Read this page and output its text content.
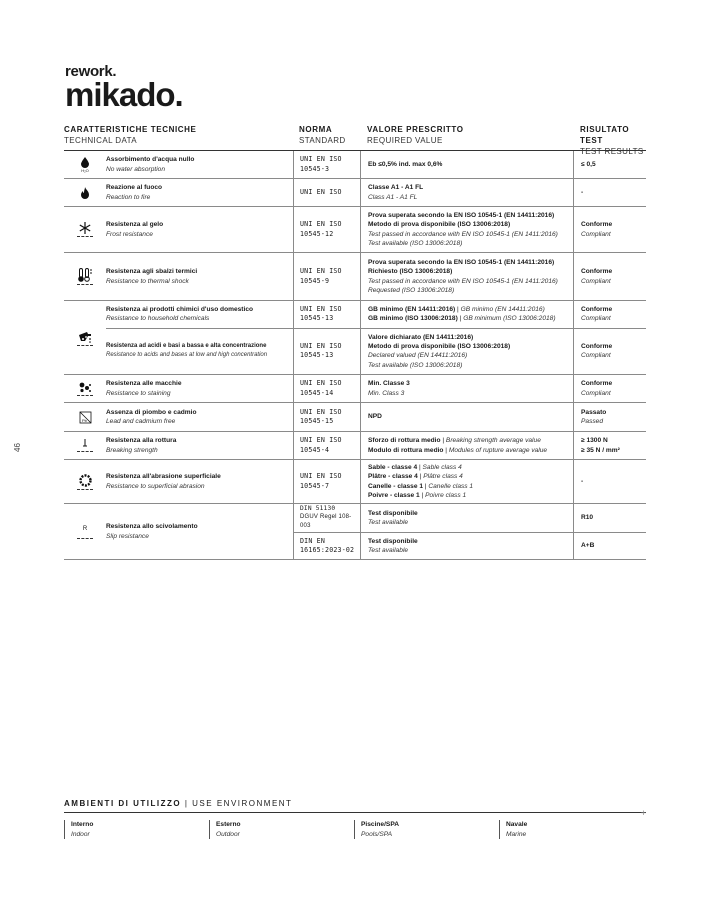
rework.
mikado.
46
CARATTERISTICHE TECNICHE
TECHNICAL DATA
NORMA
STANDARD
VALORE PRESCRITTO
REQUIRED VALUE
RISULTATO TEST
TEST RESULTS
H₂O
Assorbimento d'acqua nullo
No water absorption
UNI EN ISO
10545-3
Eb ≤0,5% ind. max 0,6%	≤ 0,5
Reazione al fuoco
Reaction to fire
UNI EN ISO
Classe A1 - A1 FL
Class A1 - A1 FL
-
Resistenza al gelo
Frost resistance
UNI EN ISO
10545-12
Prova superata secondo la EN ISO 10545-1 (EN 14411:2016)
Metodo di prova disponibile (ISO 13006:2018)
Test passed in accordance with EN ISO 10545-1 (EN 1411:2016)
Test available (ISO 13006:2018)
Conforme
Compliant
Resistenza agli sbalzi termici
Resistance to thermal shock
UNI EN ISO
10545-9
Prova superata secondo la EN ISO 10545-1 (EN 14411:2016)
Richiesto (ISO 13006:2018)
Test passed in accordance with EN ISO 10545-1 (EN 1411:2016)
Requested (ISO 13006:2018)
Conforme
Compliant
Resistenza ai prodotti chimici d'uso domestico
Resistance to household chemicals
UNI EN ISO
10545-13
GB minimo (EN 14411:2016) | GB minimo (EN 14411:2016)
GB minimo (ISO 13006:2018) | GB minimum (ISO 13006:2018)
Conforme
Compliant
Resistenza ad acidi e basi a bassa e alta concentrazione
Resistance to acids and bases at low and high concentration
UNI EN ISO
10545-13
Valore dichiarato (EN 14411:2016)
Metodo di prova disponibile (ISO 13006:2018)
Declared valued (EN 14411:2016)
Test available (ISO 13006:2018)
Conforme
Compliant
Resistenza alle macchie
Resistance to staining
UNI EN ISO
10545-14
Min. Classe 3
Min. Class 3
Conforme
Compliant
Pb
Assenza di piombo e cadmio
Lead and cadmium free
UNI EN ISO
10545-15
NPD
Passato
Passed
Resistenza alla rottura
Breaking strength
UNI EN ISO
10545-4
Sforzo di rottura medio | Breaking strength average value
Modulo di rottura medio | Modules of rupture average value
≥ 1300 N
≥ 35 N / mm²
Resistenza all'abrasione superficiale
Resistance to superficial abrasion
UNI EN ISO
10545-7
Sable - classe 4 | Sable class 4
Plâtre - classe 4 | Plâtre class 4
Canelle - classe 1 | Canelle class 1
Poivre - classe 1 | Poivre class 1
-
R	Resistenza allo scivolamento
Slip resistance
DIN 51130
DGUV Regel 108-003
Test disponibile
Test available
R10
DIN EN
16165:2023-02
Test disponibile
Test available
A+B
AMBIENTI DI UTILIZZO | USE ENVIRONMENT
+
Interno
Indoor
Esterno
Outdoor
Piscine/SPA
Pools/SPA
Navale
Marine
